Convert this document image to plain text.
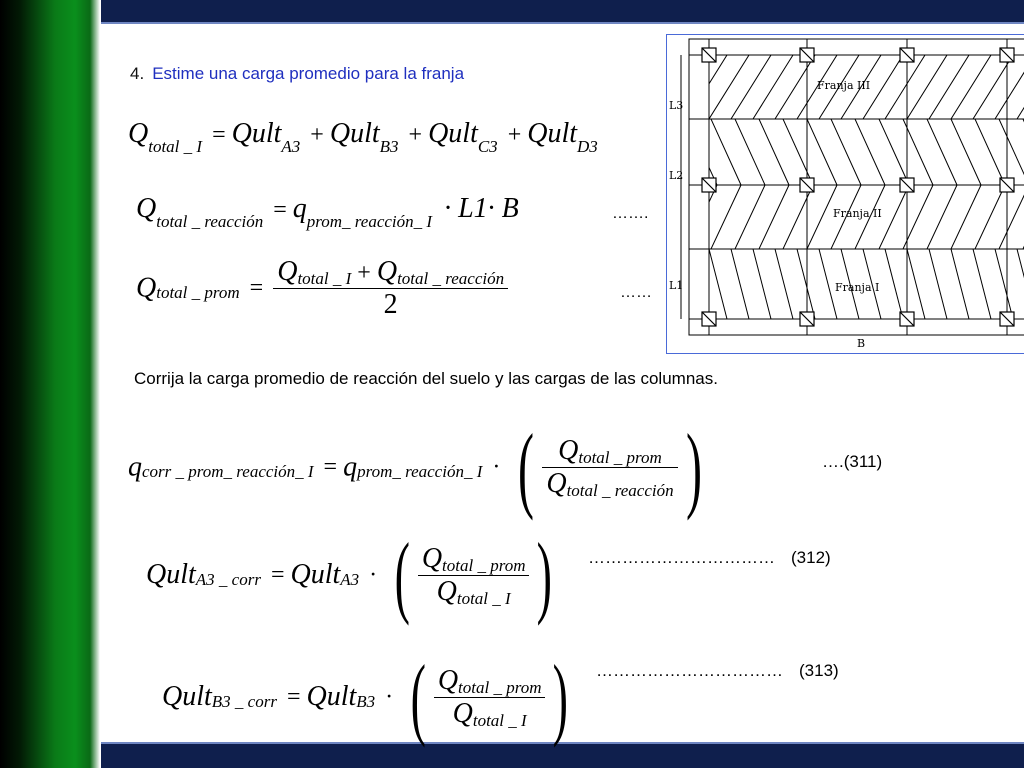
4. Estime una carga promedio para la franja
Qtotal _ I = QultA3 + QultB3 + QultC3 + QultD3
Qtotal _ reacción = qprom_ reacción_ I · L1· B	…….
Qtotal _ prom = $\frac{\text{Qtotal \_ I + Qtotal \_ reacción}}{2}$	……
Corrija la carga promedio de reacción del suelo y las cargas de las columnas.
qcorr _ prom_ reacción_ I = qprom_ reacción_ I · ( $\frac{\text{Qtotal \_ prom}}{\text{Qtotal \_ reacción}}$ )	….(311)
QultA3 _ corr = QultA3 · ( $\frac{\text{Qtotal \_ prom}}{\text{Qtotal \_ I}}$ )	…………………………… (312)
QultB3 _ corr = QultB3 · ( $\frac{\text{Qtotal \_ prom}}{\text{Qtotal \_ I}}$ )	…………………………… (313)
Franja III
Franja II
Franja I
L3
L2
L1
B
